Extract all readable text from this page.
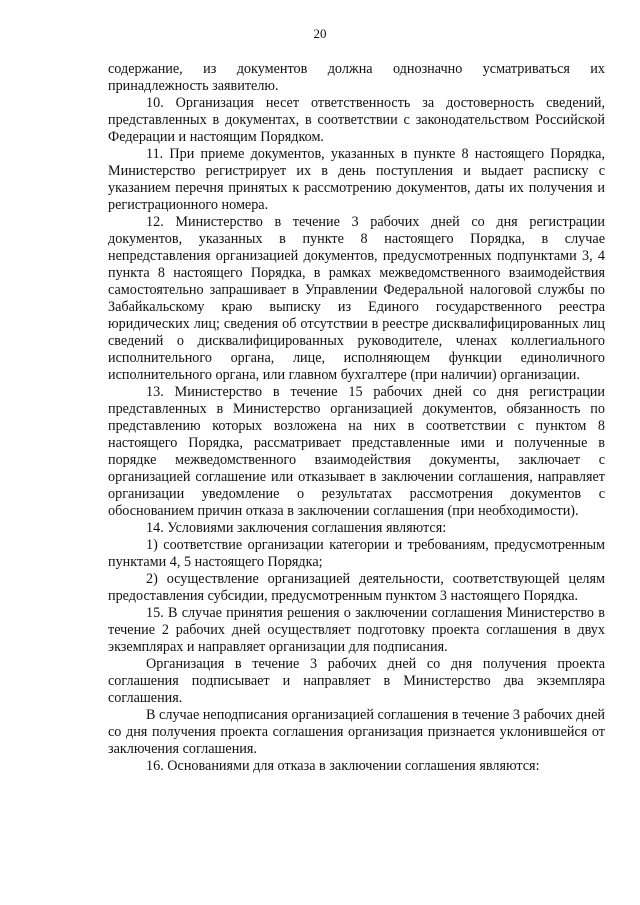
20

содержание, из документов должна однозначно усматриваться их принадлежность заявителю.

10. Организация несет ответственность за достоверность сведений, представленных в документах, в соответствии с законодательством Российской Федерации и настоящим Порядком.

11. При приеме документов, указанных в пункте 8 настоящего Порядка, Министерство регистрирует их в день поступления и выдает расписку с указанием перечня принятых к рассмотрению документов, даты их получения и регистрационного номера.

12. Министерство в течение 3 рабочих дней со дня регистрации документов, указанных в пункте 8 настоящего Порядка, в случае непредставления организацией документов, предусмотренных подпунктами 3, 4 пункта 8 настоящего Порядка, в рамках межведомственного взаимодействия самостоятельно запрашивает в Управлении Федеральной налоговой службы по Забайкальскому краю выписку из Единого государственного реестра юридических лиц; сведения об отсутствии в реестре дисквалифицированных лиц сведений о дисквалифицированных руководителе, членах коллегиального исполнительного органа, лице, исполняющем функции единоличного исполнительного органа, или главном бухгалтере (при наличии) организации.

13. Министерство в течение 15 рабочих дней со дня регистрации представленных в Министерство организацией документов, обязанность по представлению которых возложена на них в соответствии с пунктом 8 настоящего Порядка, рассматривает представленные ими и полученные в порядке межведомственного взаимодействия документы, заключает с организацией соглашение или отказывает в заключении соглашения, направляет организации уведомление о результатах рассмотрения документов с обоснованием причин отказа в заключении соглашения (при необходимости).

14. Условиями заключения соглашения являются:

1) соответствие организации категории и требованиям, предусмотренным пунктами 4, 5 настоящего Порядка;

2) осуществление организацией деятельности, соответствующей целям предоставления субсидии, предусмотренным пунктом 3 настоящего Порядка.

15. В случае принятия решения о заключении соглашения Министерство в течение 2 рабочих дней осуществляет подготовку проекта соглашения в двух экземплярах и направляет организации для подписания.

Организация в течение 3 рабочих дней со дня получения проекта соглашения подписывает и направляет в Министерство два экземпляра соглашения.

В случае неподписания организацией соглашения в течение 3 рабочих дней со дня получения проекта соглашения организация признается уклонившейся от заключения соглашения.

16. Основаниями для отказа в заключении соглашения являются:
